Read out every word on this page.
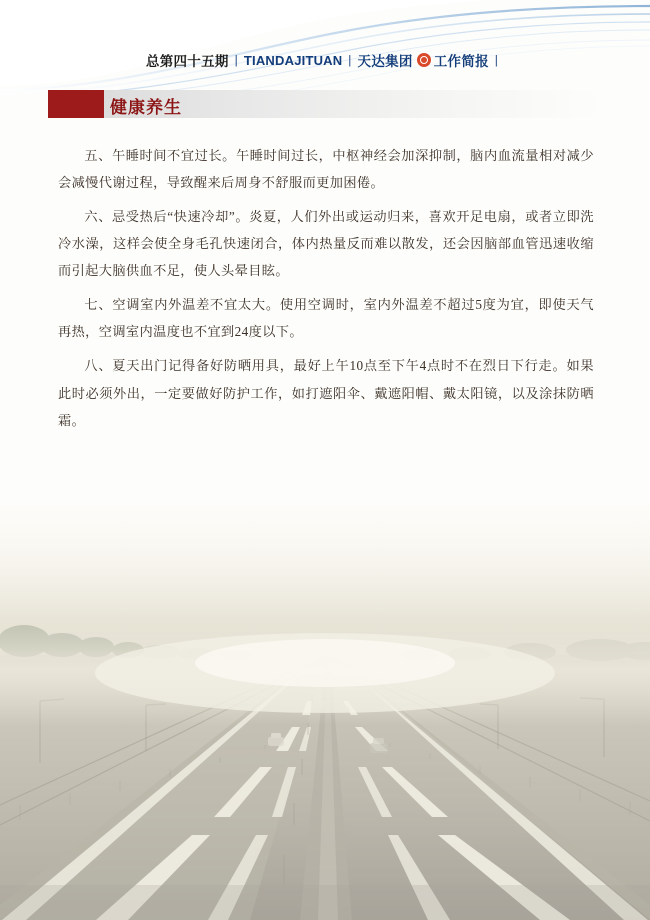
总第四十五期 | TIANDAJITUAN | 天达集团 工作简报 |
健康养生

五、午睡时间不宜过长。午睡时间过长，中枢神经会加深抑制，脑内血流量相对减少会减慢代谢过程，导致醒来后周身不舒服而更加困倦。

六、忌受热后“快速冷却”。炎夏，人们外出或运动归来，喜欢开足电扇，或者立即洗冷水澡，这样会使全身毛孔快速闭合，体内热量反而难以散发，还会因脑部血管迅速收缩而引起大脑供血不足，使人头晕目眩。

七、空调室内外温差不宜太大。使用空调时，室内外温差不超过5度为宜，即使天气再热，空调室内温度也不宜到24度以下。

八、夏天出门记得备好防晒用具，最好上午10点至下午4点时不在烈日下行走。如果此时必须外出，一定要做好防护工作，如打遮阳伞、戴遮阳帽、戴太阳镜，以及涂抹防晒霜。
